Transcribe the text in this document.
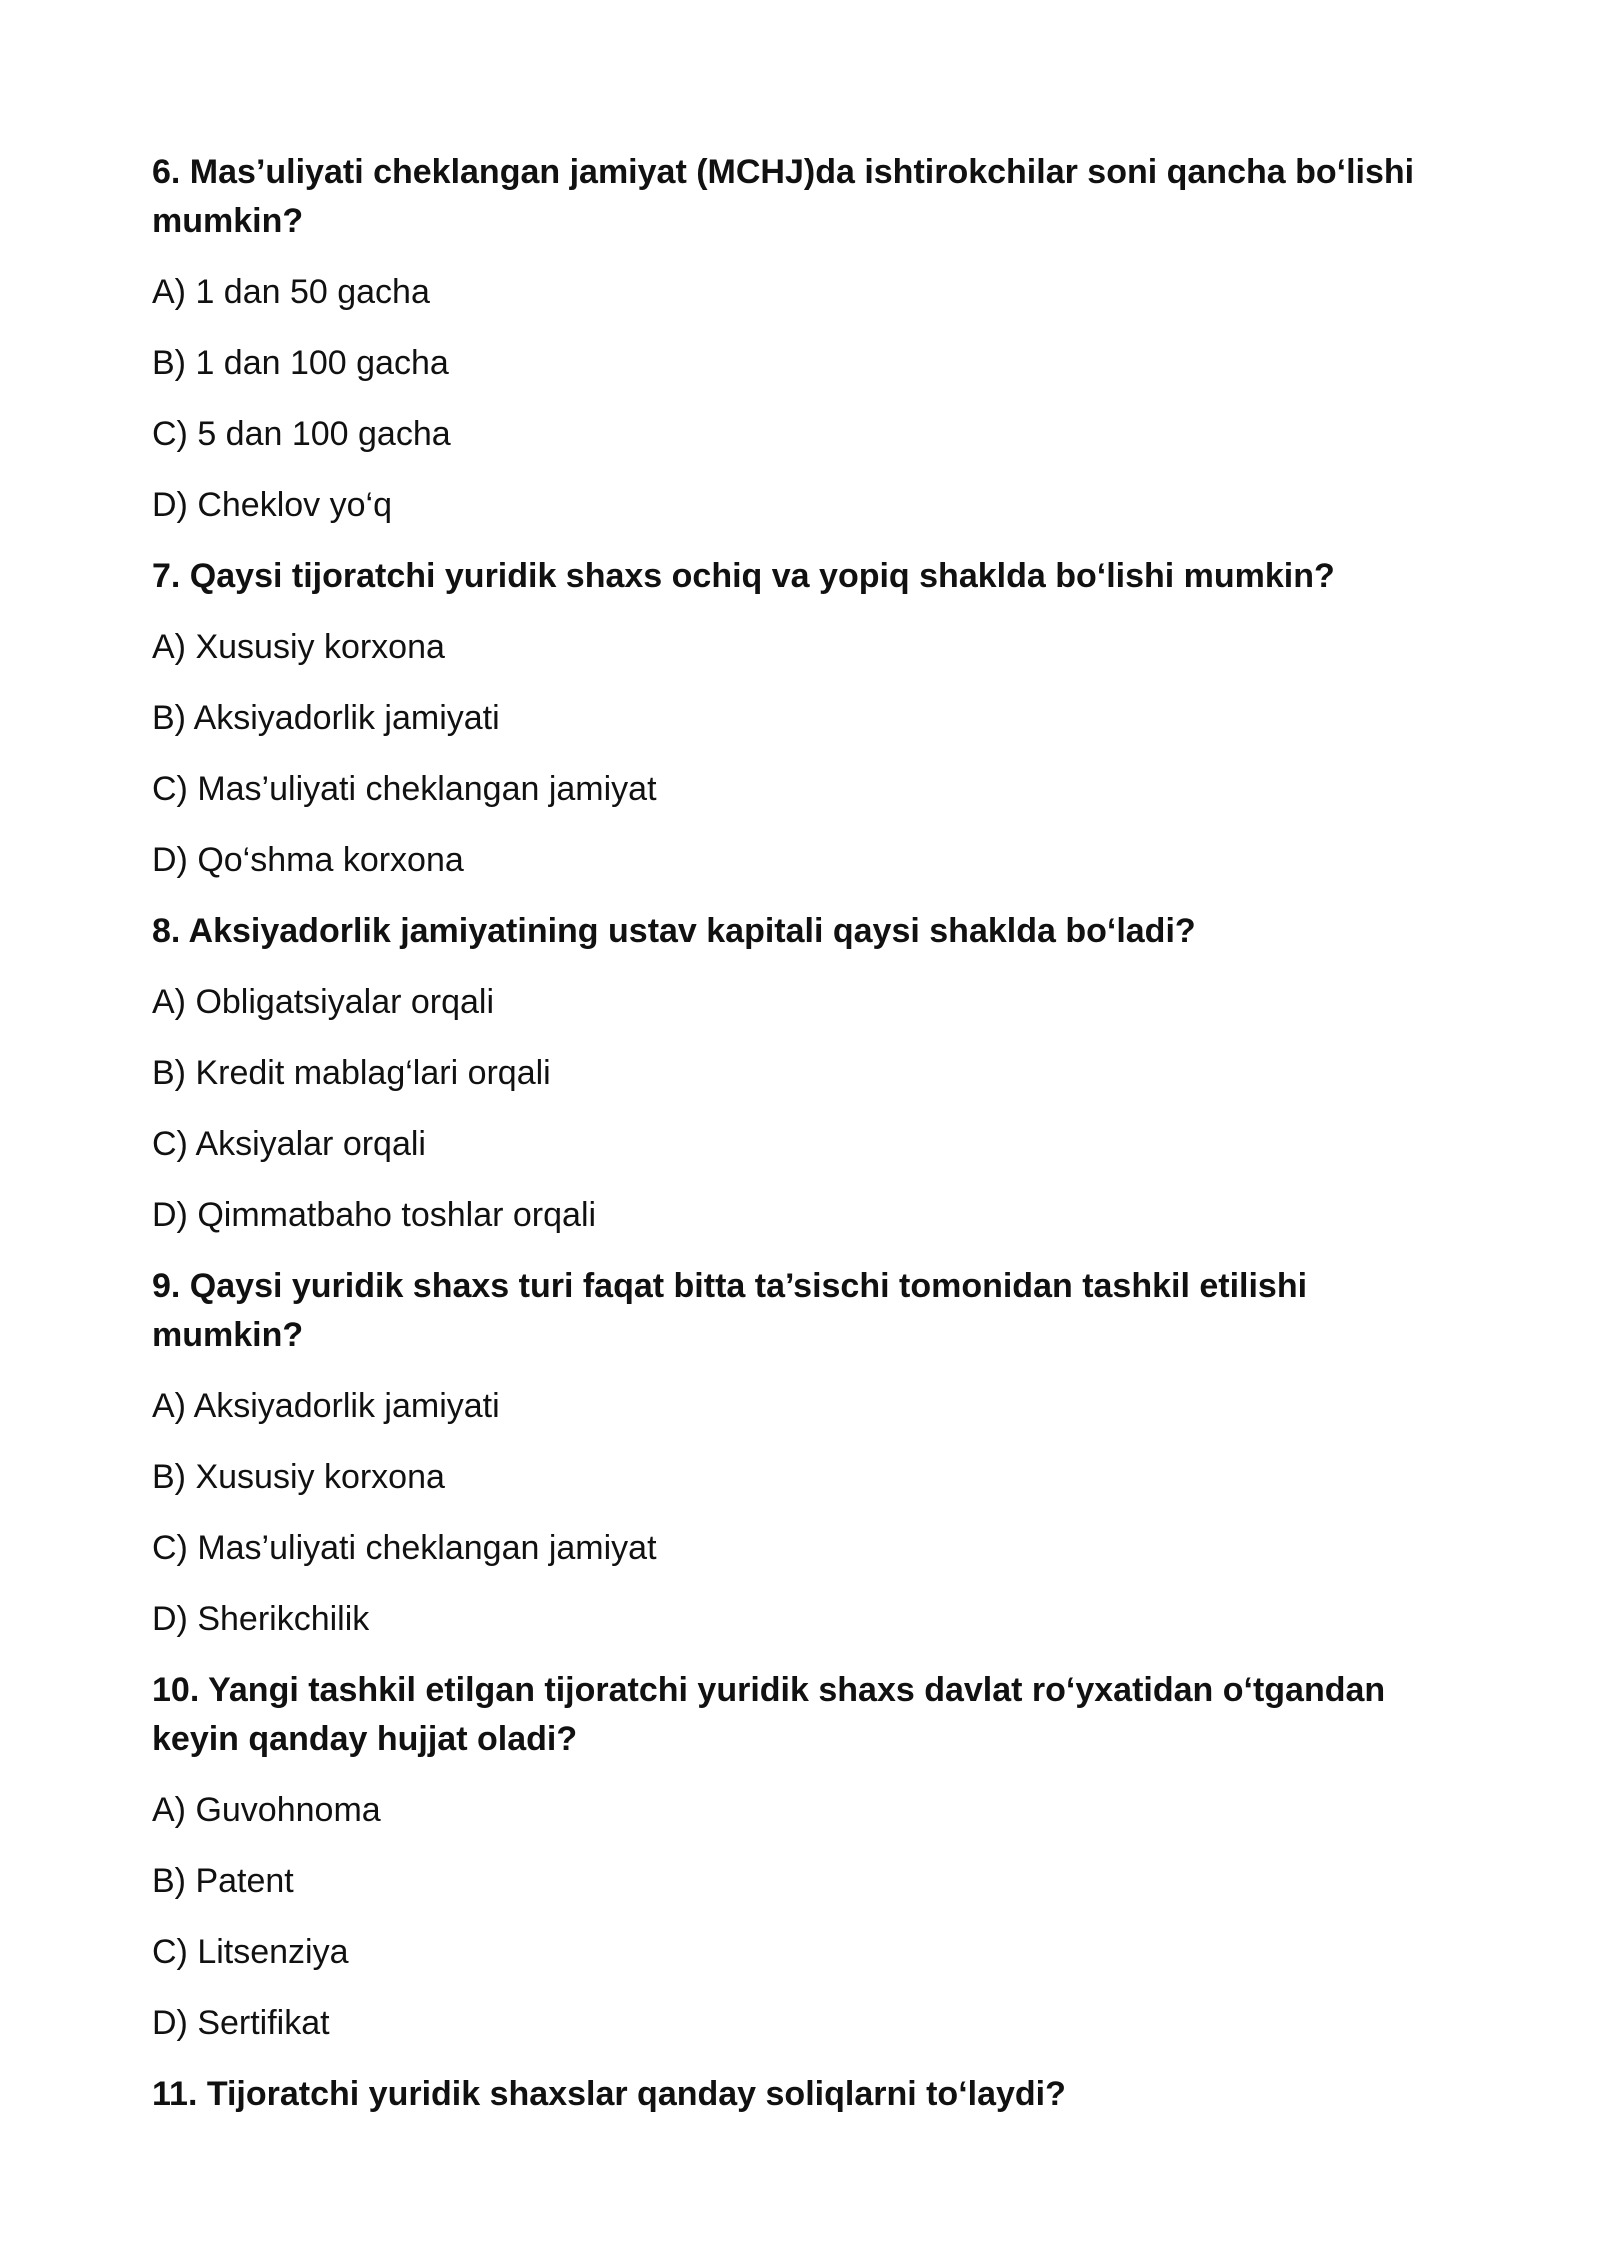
6. Mas’uliyati cheklangan jamiyat (MCHJ)da ishtirokchilar soni qancha bo‘lishi mumkin?

A) 1 dan 50 gacha

B) 1 dan 100 gacha

C) 5 dan 100 gacha

D) Cheklov yo‘q

7. Qaysi tijoratchi yuridik shaxs ochiq va yopiq shaklda bo‘lishi mumkin?

A) Xususiy korxona

B) Aksiyadorlik jamiyati

C) Mas’uliyati cheklangan jamiyat

D) Qo‘shma korxona

8. Aksiyadorlik jamiyatining ustav kapitali qaysi shaklda bo‘ladi?

A) Obligatsiyalar orqali

B) Kredit mablag‘lari orqali

C) Aksiyalar orqali

D) Qimmatbaho toshlar orqali

9. Qaysi yuridik shaxs turi faqat bitta ta’sischi tomonidan tashkil etilishi mumkin?

A) Aksiyadorlik jamiyati

B) Xususiy korxona

C) Mas’uliyati cheklangan jamiyat

D) Sherikchilik

10. Yangi tashkil etilgan tijoratchi yuridik shaxs davlat ro‘yxatidan o‘tgandan keyin qanday hujjat oladi?

A) Guvohnoma

B) Patent

C) Litsenziya

D) Sertifikat

11. Tijoratchi yuridik shaxslar qanday soliqlarni to‘laydi?
